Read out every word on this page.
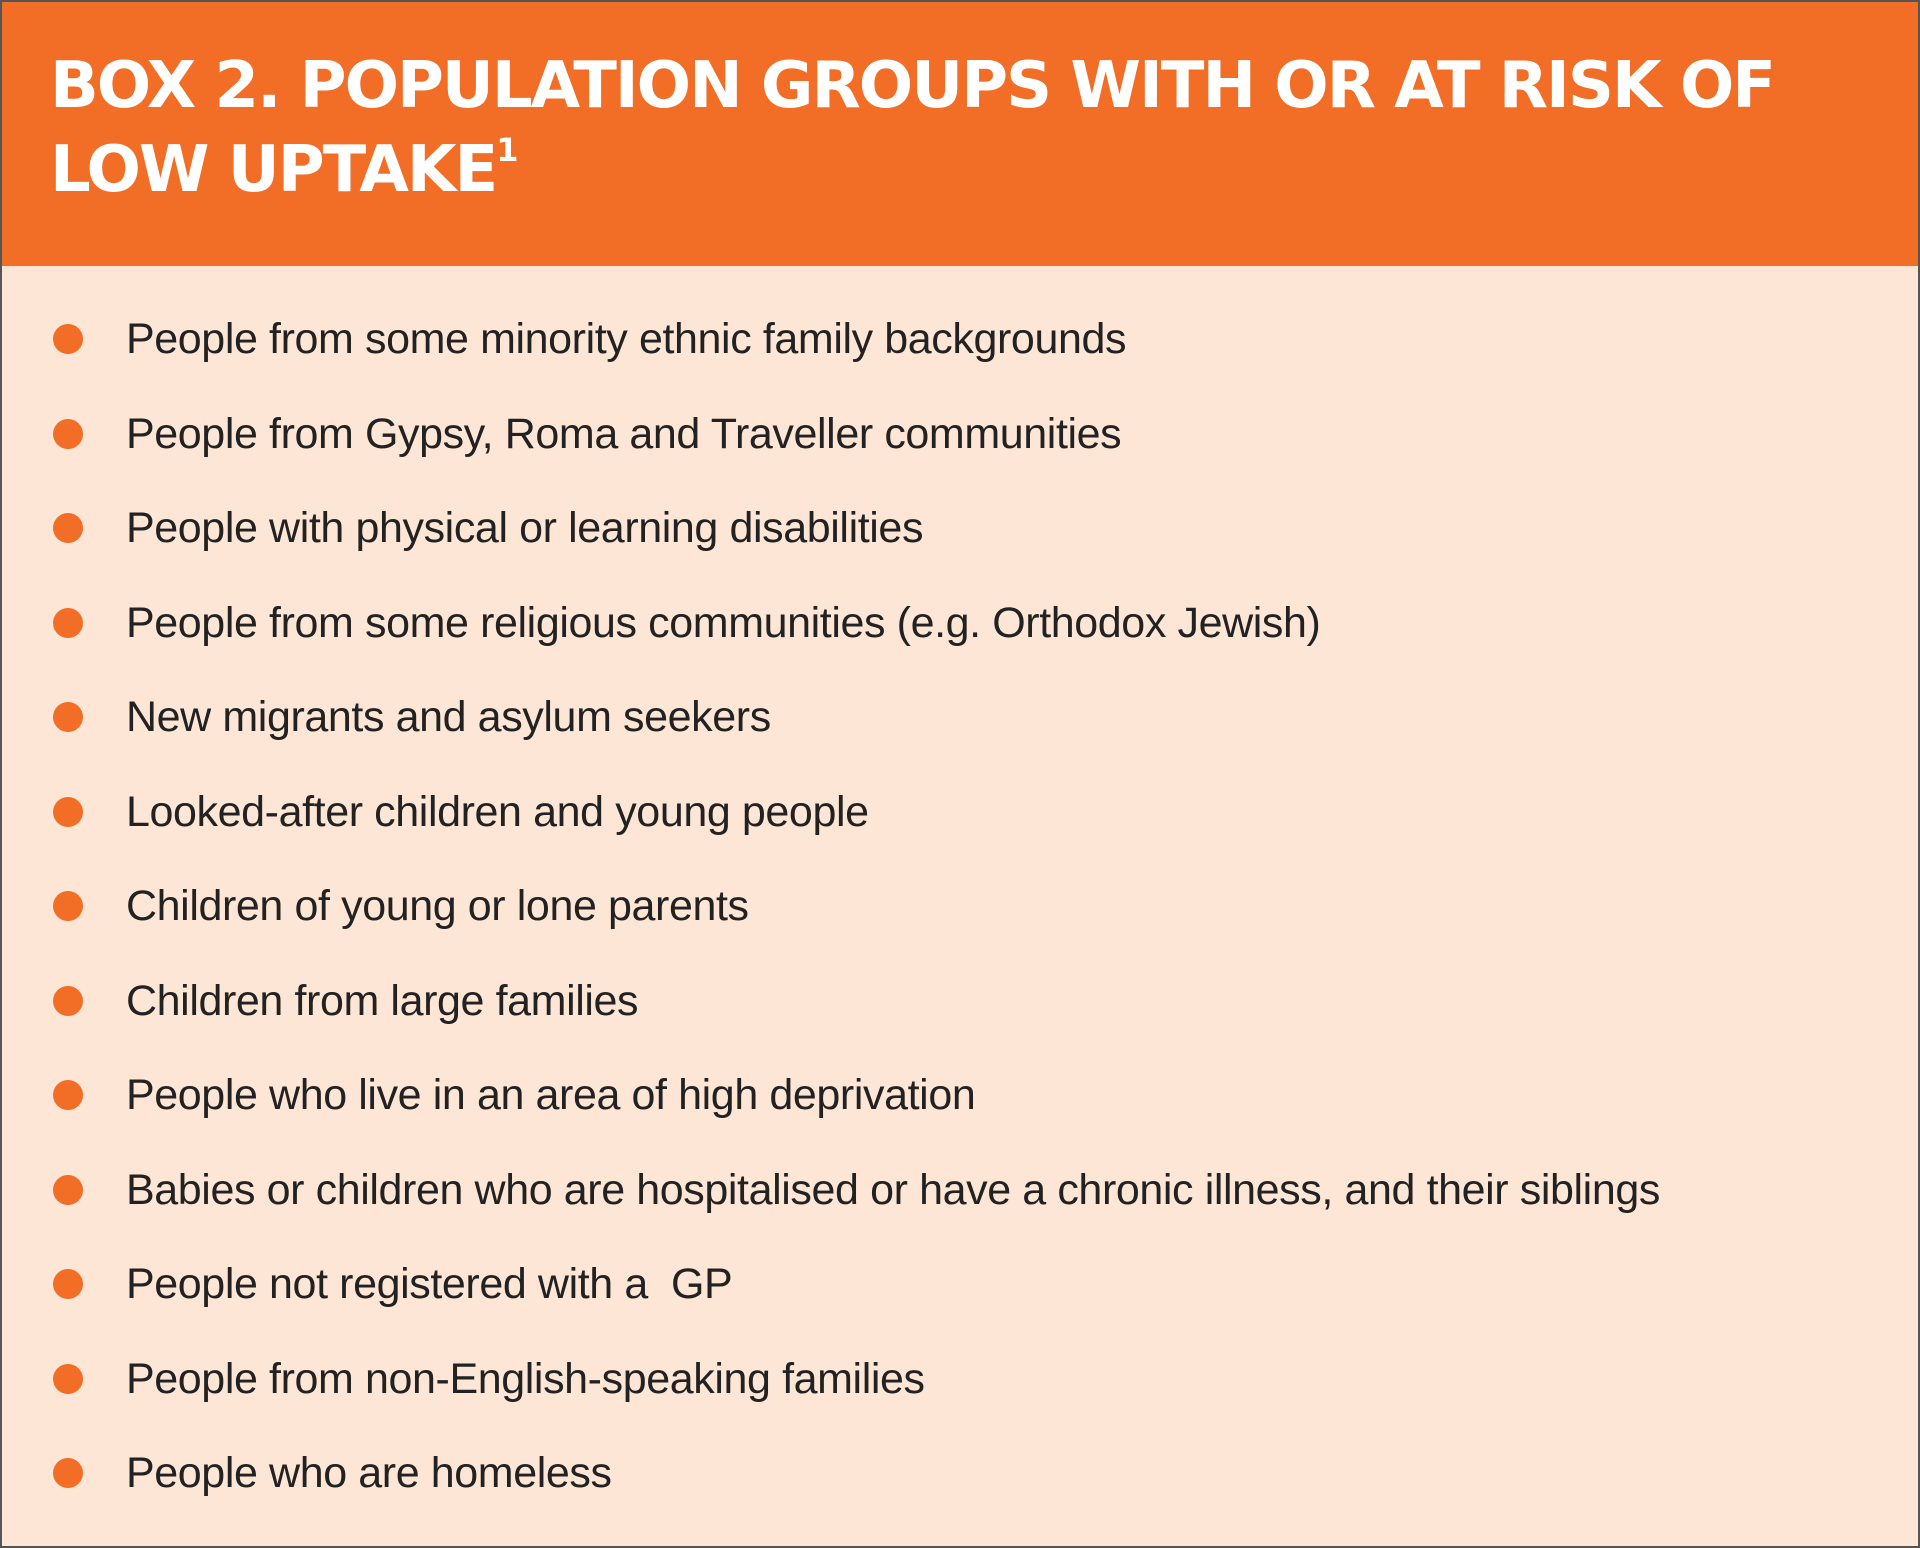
BOX 2. POPULATION GROUPS WITH OR AT RISK OF LOW UPTAKE$^1$
People from some minority ethnic family backgrounds
People from Gypsy, Roma and Traveller communities
People with physical or learning disabilities
People from some religious communities (e.g. Orthodox Jewish)
New migrants and asylum seekers
Looked-after children and young people
Children of young or lone parents
Children from large families
People who live in an area of high deprivation
Babies or children who are hospitalised or have a chronic illness, and their siblings
People not registered with a  GP
People from non-English-speaking families
People who are homeless
